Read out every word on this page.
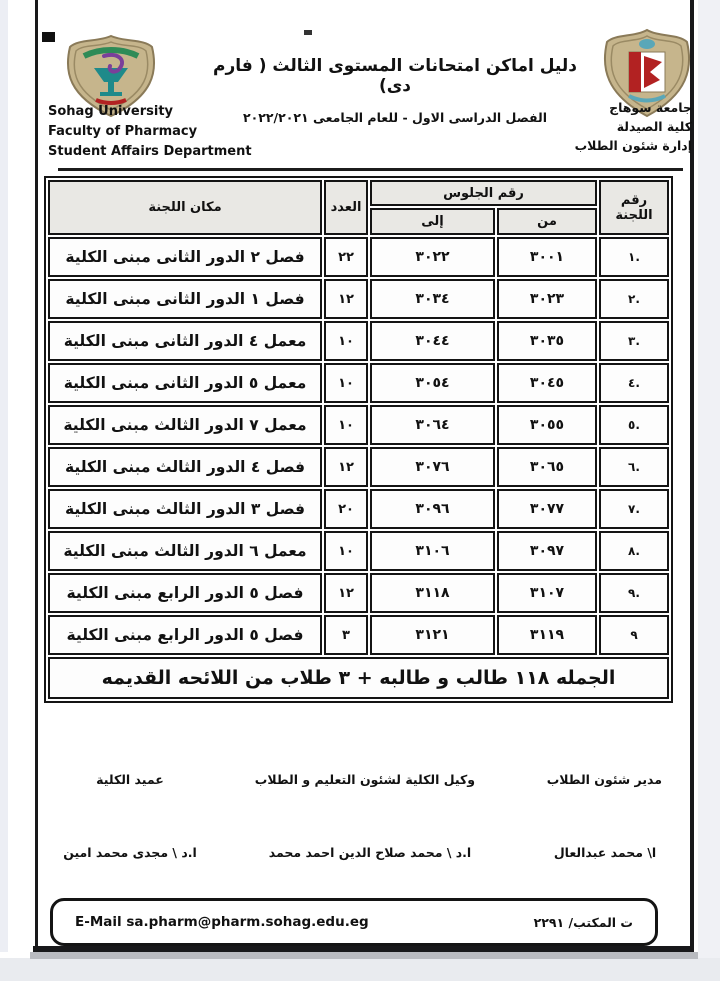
دليل اماكن امتحانات المستوى الثالث ( فارم دى)
الفصل الدراسى الاول - للعام الجامعى ٢٠٢٢/٢٠٢١
جامعة سوهاج
كلية الصيدلة
إدارة شئون الطلاب
Sohag University
Faculty of Pharmacy
Student Affairs Department
رقم اللجنة	رقم الجلوس		العدد	مكان اللجنة
	من	إلى		
١.	٣٠٠١	٣٠٢٢	٢٢	فصل ٢ الدور الثانى مبنى الكلية
٢.	٣٠٢٣	٣٠٣٤	١٢	فصل ١ الدور الثانى مبنى الكلية
٣.	٣٠٣٥	٣٠٤٤	١٠	معمل ٤ الدور الثانى مبنى الكلية
٤.	٣٠٤٥	٣٠٥٤	١٠	معمل ٥ الدور الثانى مبنى الكلية
٥.	٣٠٥٥	٣٠٦٤	١٠	معمل ٧ الدور الثالث مبنى الكلية
٦.	٣٠٦٥	٣٠٧٦	١٢	فصل ٤ الدور الثالث مبنى الكلية
٧.	٣٠٧٧	٣٠٩٦	٢٠	فصل ٣ الدور الثالث مبنى الكلية
٨.	٣٠٩٧	٣١٠٦	١٠	معمل ٦ الدور الثالث مبنى الكلية
٩.	٣١٠٧	٣١١٨	١٢	فصل ٥ الدور الرابع مبنى الكلية
٩	٣١١٩	٣١٢١	٣	فصل ٥ الدور الرابع مبنى الكلية
الجمله ١١٨ طالب و طالبه + ٣ طلاب من اللائحه القديمه				
مدير شئون الطلاب
وكيل الكلية لشئون التعليم و الطلاب
عميد الكلية
ا\ محمد عبدالعال
ا.د \ محمد صلاح الدين احمد محمد
ا.د \ مجدى محمد امين
ت المكتب/ ٢٢٩١
E-Mail sa.pharm@pharm.sohag.edu.eg
